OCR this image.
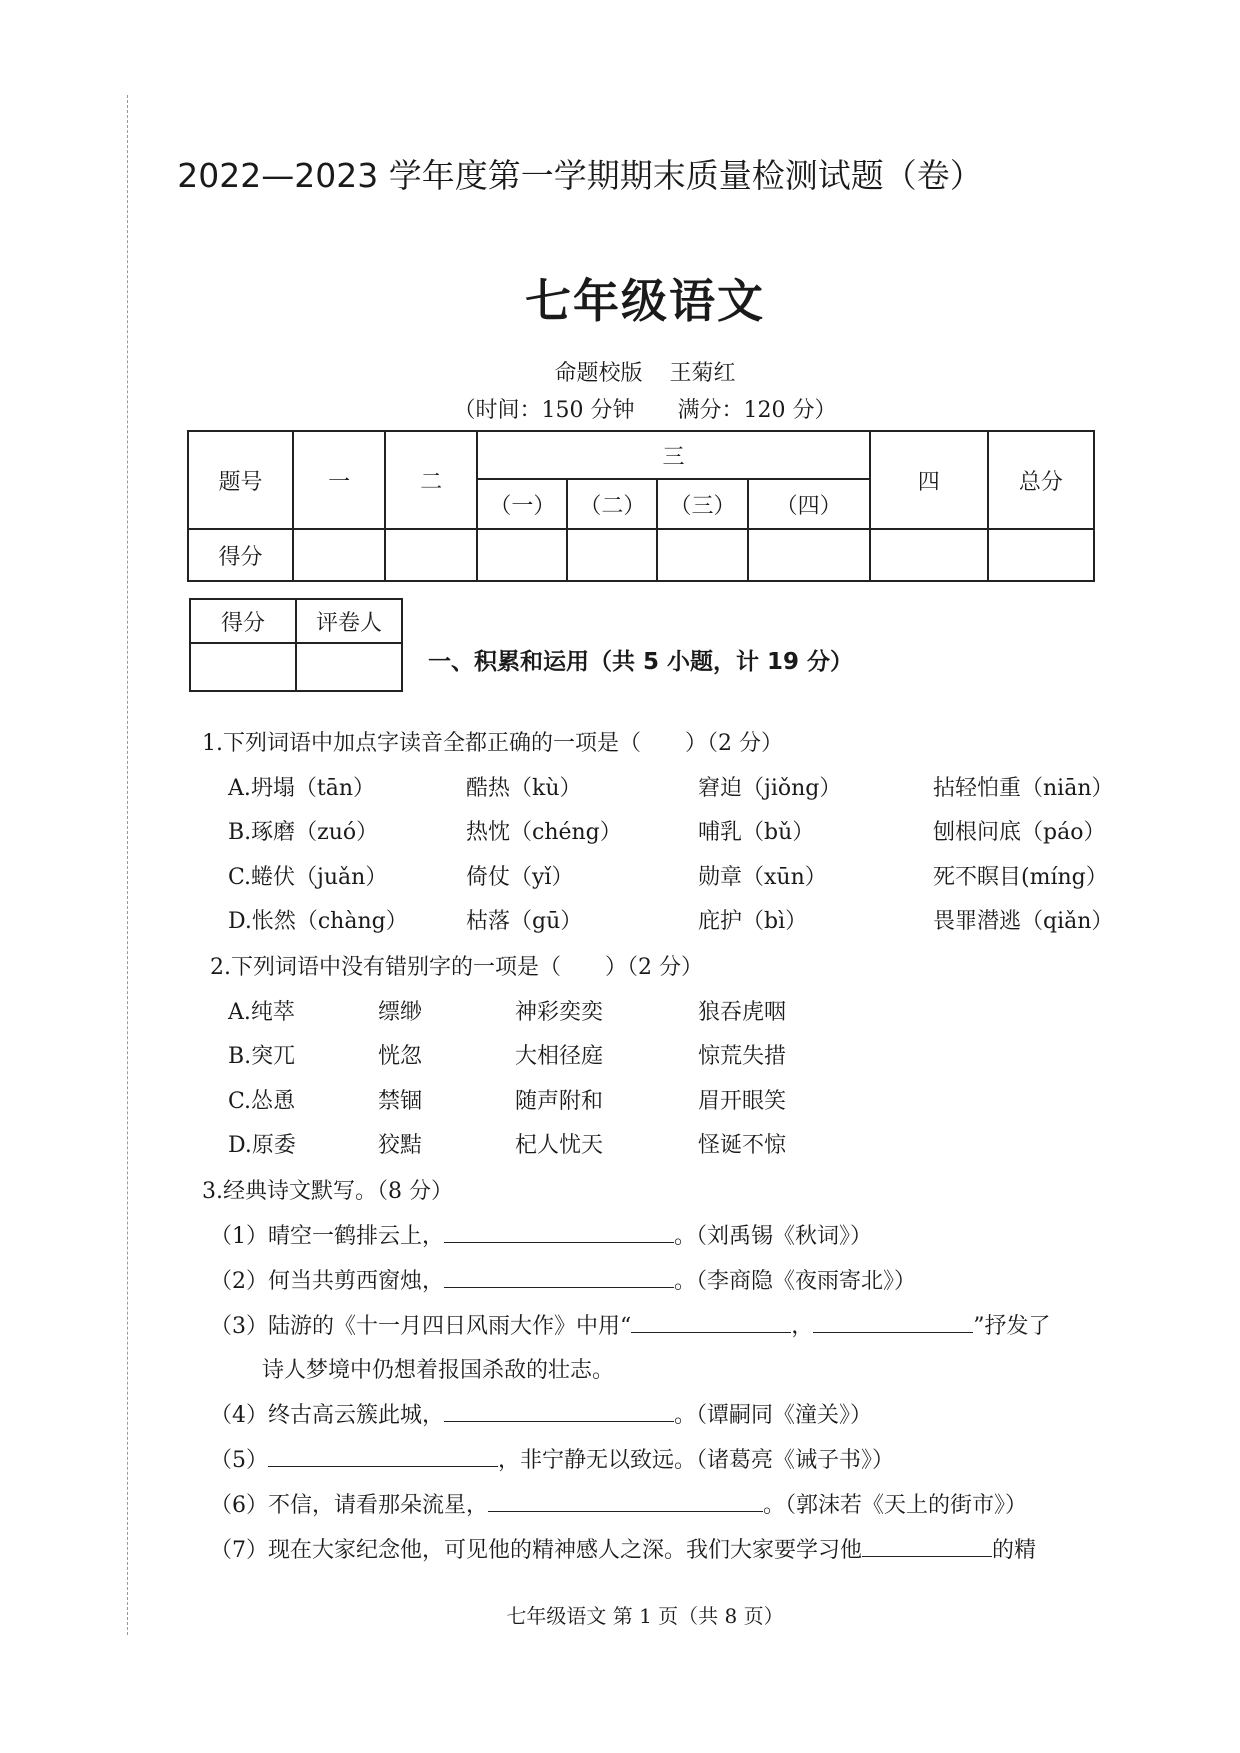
2022—2023 学年度第一学期期末质量检测试题（卷）
七年级语文
命题校版 王菊红
（时间：150 分钟 满分：120 分）
题号	一	二	三				四	总分
			（一）	（二）	（三）	（四）		
得分								
得分	评卷人

一、积累和运用（共 5 小题，计 19 分）
1.下列词语中加点字读音全都正确的一项是（　　）（2 分）
A.坍塌（tān）	酷热（kù）	窘迫（jiǒng）	拈轻怕重（niān）
B.琢磨（zuó）	热忱（chéng）	哺乳（bǔ）	刨根问底（páo）
C.蜷伏（juǎn）	倚仗（yǐ）	勋章（xūn）	死不瞑目(míng）
D.怅然（chàng）	枯落（gū）	庇护（bì）	畏罪潜逃（qiǎn）
2.下列词语中没有错别字的一项是（　　）（2 分）
A.纯萃	缥缈	神彩奕奕	狼吞虎咽
B.突兀	恍忽	大相径庭	惊荒失措
C.怂恿	禁锢	随声附和	眉开眼笑
D.原委	狡黠	杞人忧天	怪诞不惊
3.经典诗文默写。（8 分）
（1）晴空一鹤排云上，	。（刘禹锡《秋词》）
（2）何当共剪西窗烛，	。（李商隐《夜雨寄北》）
（3）陆游的《十一月四日风雨大作》中用“	，	”抒发了
诗人梦境中仍想着报国杀敌的壮志。
（4）终古高云簇此城，	。（谭嗣同《潼关》）
（5）	，非宁静无以致远。（诸葛亮《诫子书》）
（6）不信，请看那朵流星，	。（郭沫若《天上的街市》）
（7）现在大家纪念他，可见他的精神感人之深。我们大家要学习他	的精
七年级语文 第 1 页（共 8 页）
